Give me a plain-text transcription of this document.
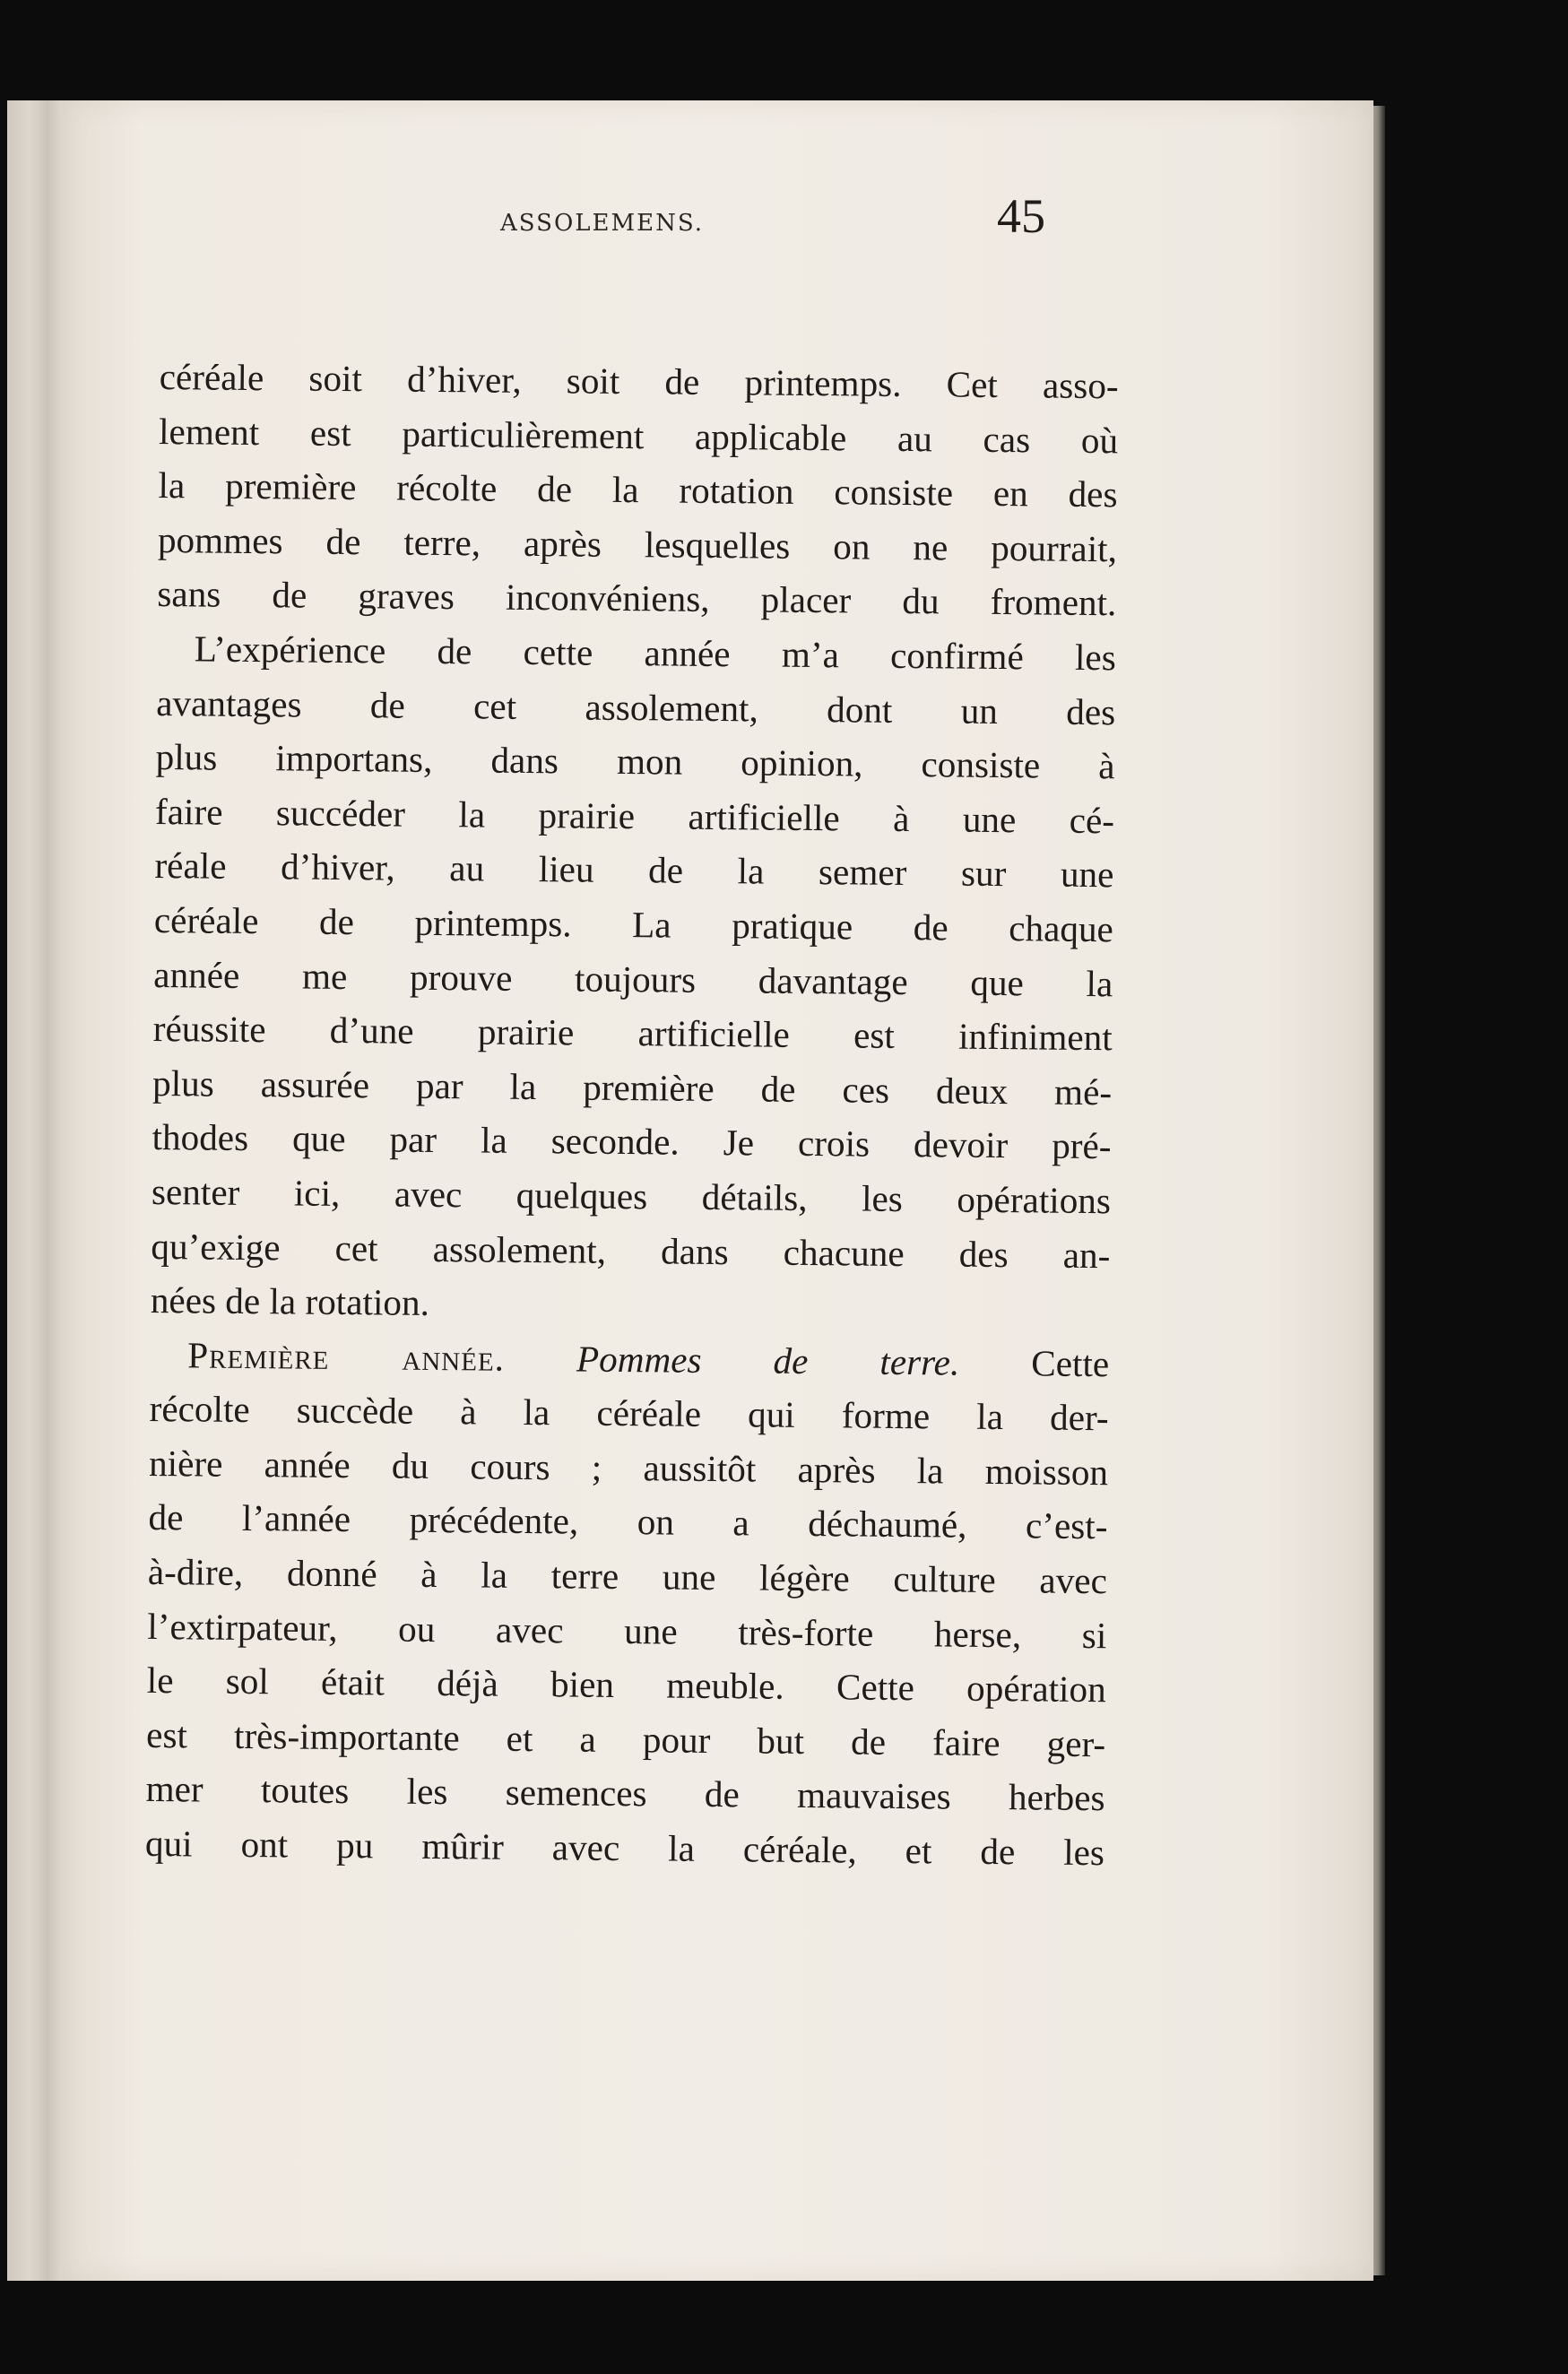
ASSOLEMENS.	45
céréale soit d’hiver, soit de printemps. Cet asso-
lement est particulièrement applicable au cas où
la première récolte de la rotation consiste en des
pommes de terre, après lesquelles on ne pourrait,
sans de graves inconvéniens, placer du froment.
L’expérience de cette année m’a confirmé les
avantages de cet assolement, dont un des
plus importans, dans mon opinion, consiste à
faire succéder la prairie artificielle à une cé-
réale d’hiver, au lieu de la semer sur une
céréale de printemps. La pratique de chaque
année me prouve toujours davantage que la
réussite d’une prairie artificielle est infiniment
plus assurée par la première de ces deux mé-
thodes que par la seconde. Je crois devoir pré-
senter ici, avec quelques détails, les opérations
qu’exige cet assolement, dans chacune des an-
nées de la rotation.
Première année. Pommes de terre. Cette
récolte succède à la céréale qui forme la der-
nière année du cours ; aussitôt après la moisson
de l’année précédente, on a déchaumé, c’est-
à-dire, donné à la terre une légère culture avec
l’extirpateur, ou avec une très-forte herse, si
le sol était déjà bien meuble. Cette opération
est très-importante et a pour but de faire ger-
mer toutes les semences de mauvaises herbes
qui ont pu mûrir avec la céréale, et de les
